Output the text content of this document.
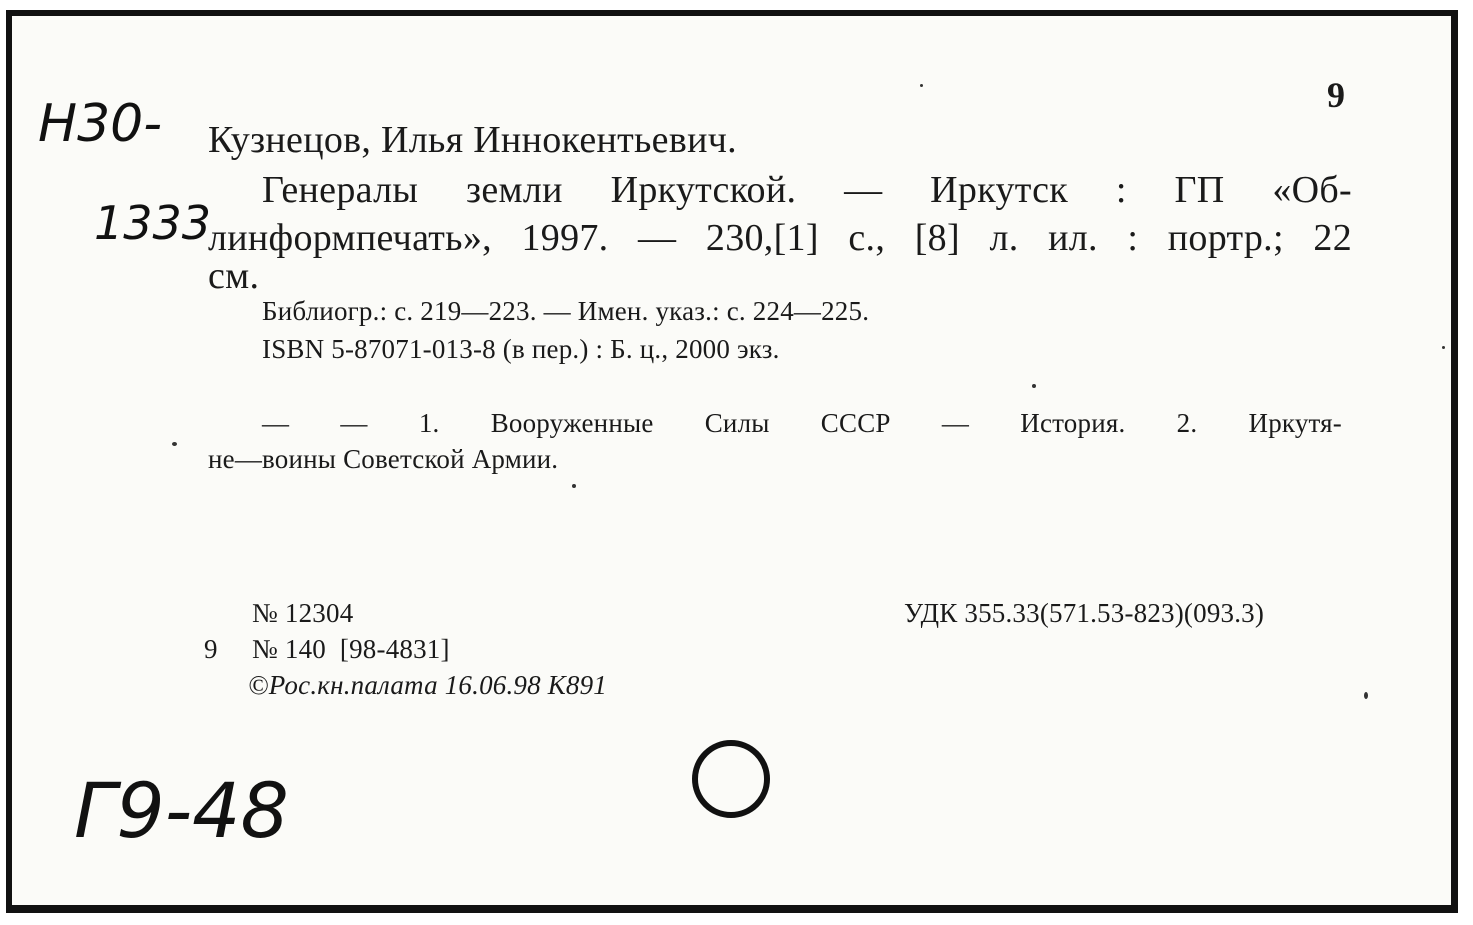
9
Н30-
1333
Кузнецов, Илья Иннокентьевич.
Генералы земли Иркутской. — Иркутск : ГП «Об-
линформпечать», 1997. — 230,[1] с., [8] л. ил. : портр.; 22
см.
Библиогр.: с. 219—223. — Имен. указ.: с. 224—225.
ISBN 5-87071-013-8 (в пер.) : Б. ц., 2000 экз.
— — 1. Вооруженные Силы СССР — История. 2. Иркутя-
не—воины Советской Армии.
№ 12304
9 № 140  [98-4831]
©Рос.кн.палата 16.06.98 К891
УДК 355.33(571.53-823)(093.3)
Г9-48
